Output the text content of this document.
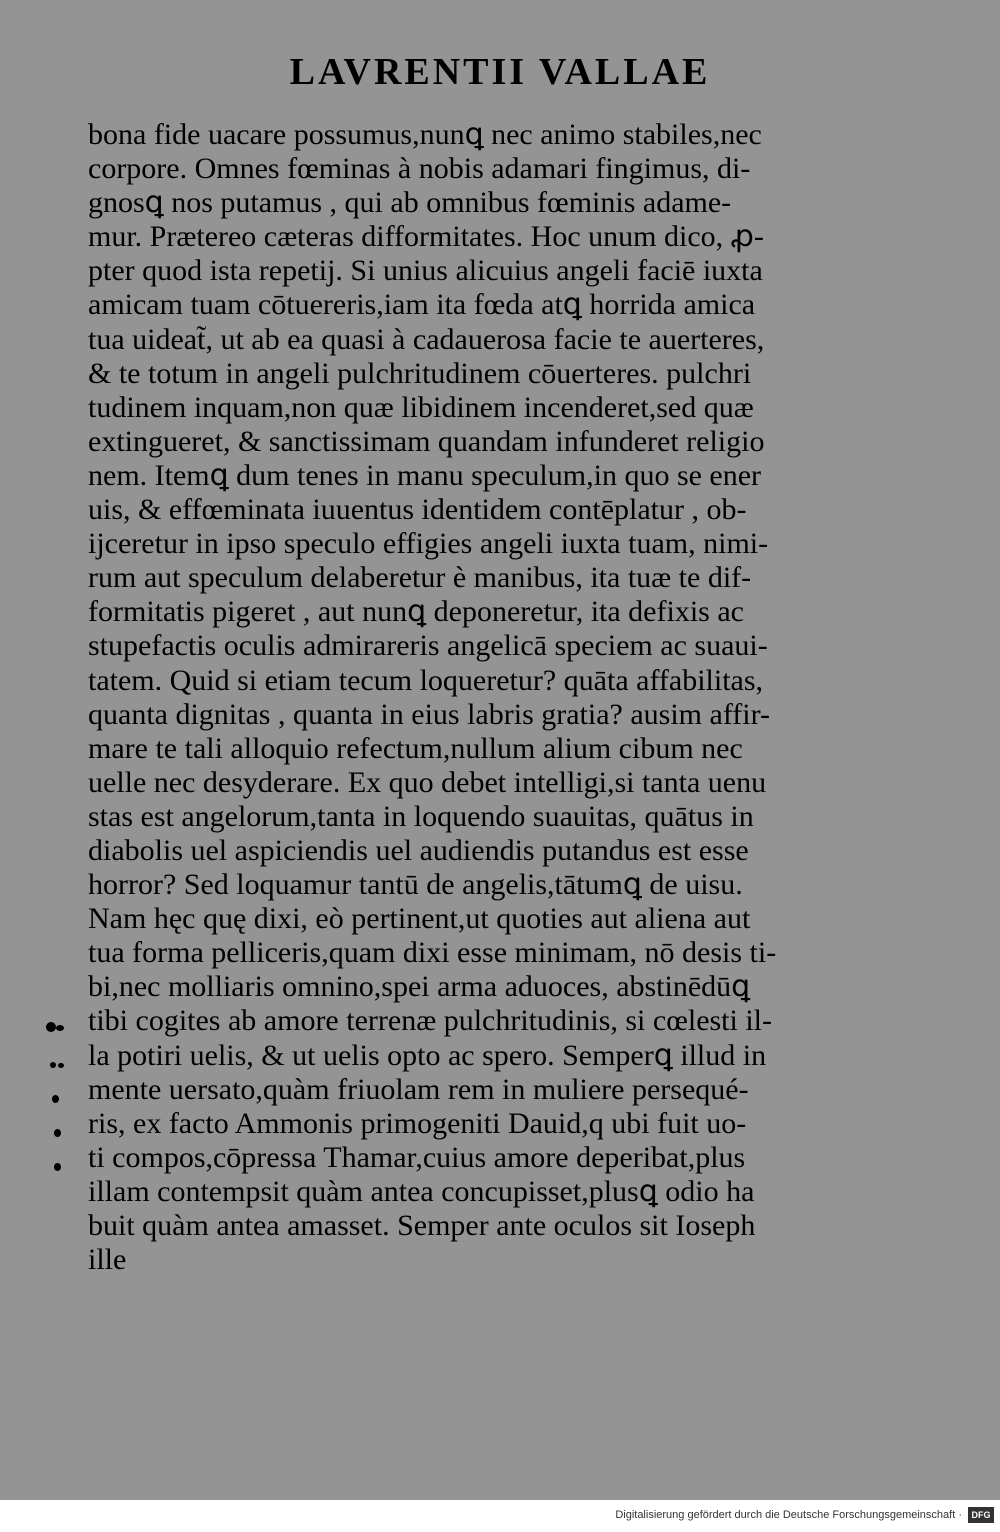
LAVRENTII VALLAE
bona fide uacare possumus,nunꝗ nec animo stabiles,nec
corpore. Omnes fœminas à nobis adamari fingimus, di-
gnosꝗ nos putamus , qui ab omnibus fœminis adame-
mur. Prætereo cæteras difformitates. Hoc unum dico, ꝓ-
pter quod ista repetij. Si unius alicuius angeli faciē iuxta
amicam tuam cōtuereris,iam ita fœda atꝗ horrida amica
tua uideat̃, ut ab ea quasi à cadauerosa facie te auerteres,
& te totum in angeli pulchritudinem cōuerteres. pulchri
tudinem inquam,non quæ libidinem incenderet,sed quæ
extingueret, & sanctissimam quandam infunderet religio
nem. Itemꝗ dum tenes in manu speculum,in quo se ener
uis, & effœminata iuuentus identidem contēplatur , ob-
ijceretur in ipso speculo effigies angeli iuxta tuam, nimi-
rum aut speculum delaberetur è manibus, ita tuæ te dif-
formitatis pigeret , aut nunꝗ deponeretur, ita defixis ac
stupefactis oculis admirareris angelicā speciem ac suaui-
tatem. Quid si etiam tecum loqueretur? quāta affabilitas,
quanta dignitas , quanta in eius labris gratia? ausim affir-
mare te tali alloquio refectum,nullum alium cibum nec
uelle nec desyderare. Ex quo debet intelligi,si tanta uenu
stas est angelorum,tanta in loquendo suauitas, quātus in
diabolis uel aspiciendis uel audiendis putandus est esse
horror? Sed loquamur tantū de angelis,tātumꝗ de uisu.
Nam hęc quę dixi, eò pertinent,ut quoties aut aliena aut
tua forma pelliceris,quam dixi esse minimam, nō desis ti-
bi,nec molliaris omnino,spei arma aduoces, abstinēdūꝗ
tibi cogites ab amore terrenæ pulchritudinis, si cœlesti il-
la potiri uelis, & ut uelis opto ac spero. Semperꝗ illud in
mente uersato,quàm friuolam rem in muliere persequé-
ris, ex facto Ammonis primogeniti Dauid,q ubi fuit uo-
ti compos,cōpressa Thamar,cuius amore deperibat,plus
illam contempsit quàm antea concupisset,plusꝗ odio ha
buit quàm antea amasset. Semper ante oculos sit Ioseph
ille
Digitalisierung gefördert durch die Deutsche Forschungsgemeinschaft ·	DFG
